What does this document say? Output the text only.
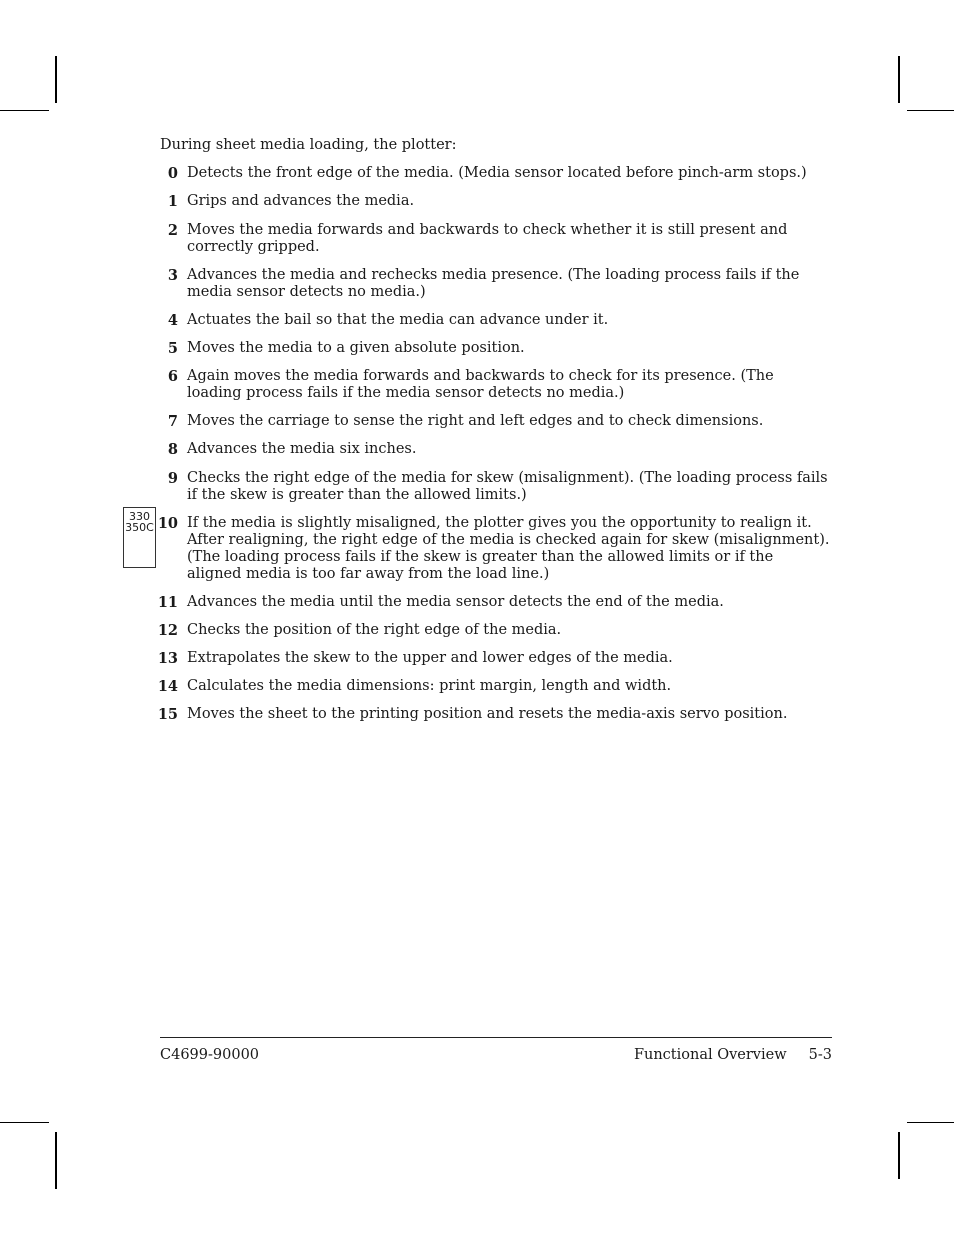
During sheet media loading, the plotter:
0 Detects the front edge of the media. (Media sensor located before pinch-arm stops.)
1 Grips and advances the media.
2 Moves the media forwards and backwards to check whether it is still present and correctly gripped.
3 Advances the media and rechecks media presence. (The loading process fails if the media sensor detects no media.)
4 Actuates the bail so that the media can advance under it.
5 Moves the media to a given absolute position.
6 Again moves the media forwards and backwards to check for its presence. (The loading process fails if the media sensor detects no media.)
7 Moves the carriage to sense the right and left edges and to check dimensions.
8 Advances the media six inches.
9 Checks the right edge of the media for skew (misalignment). (The loading process fails if the skew is greater than the allowed limits.)
10 If the media is slightly misaligned, the plotter gives you the opportunity to realign it. After realigning, the right edge of the media is checked again for skew (misalignment). (The loading process fails if the skew is greater than the allowed limits or if the aligned media is too far away from the load line.)
11 Advances the media until the media sensor detects the end of the media.
12 Checks the position of the right edge of the media.
13 Extrapolates the skew to the upper and lower edges of the media.
14 Calculates the media dimensions: print margin, length and width.
15 Moves the sheet to the printing position and resets the media-axis servo position.
330
350C
C4699-90000	Functional Overview 5-3
